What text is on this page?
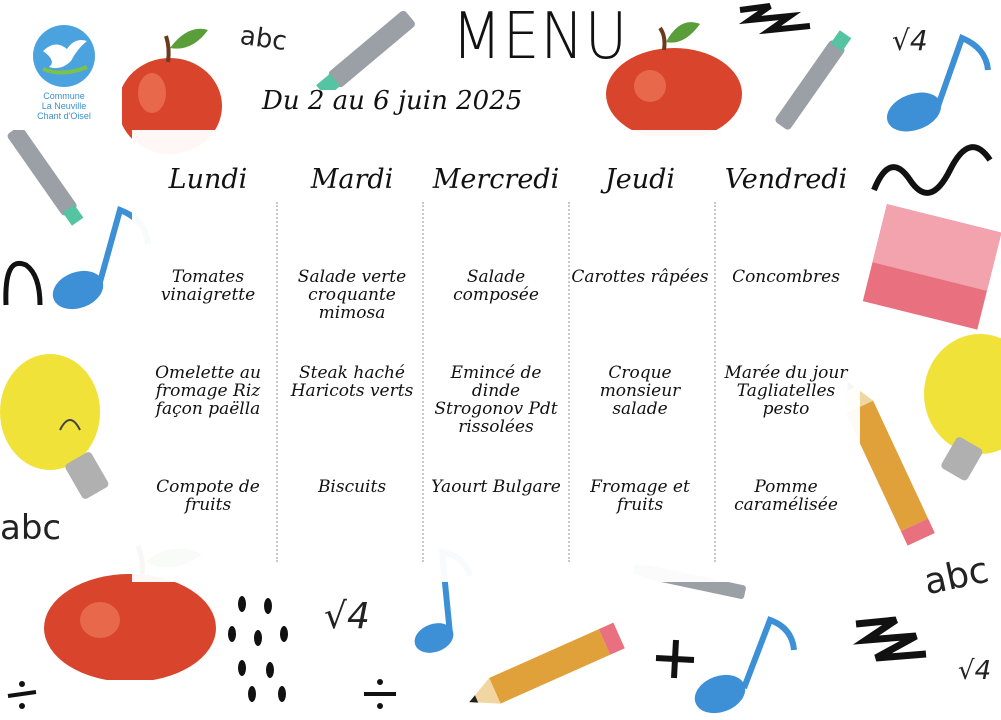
abc
abc
abc
√4
√4
√4
Commune
La Neuville
Chant d'Oisel
MENU
Du 2 au 6 juin 2025
Lundi
Tomates vinaigrette
Omelette au fromage Riz façon paëlla
Compote de fruits
Mardi
Salade verte croquante mimosa
Steak haché Haricots verts
Biscuits
Mercredi
Salade composée
Emincé de dinde Strogonov Pdt rissolées
Yaourt Bulgare
Jeudi
Carottes râpées
Croque monsieur salade
Fromage et fruits
Vendredi
Concombres
Marée du jour Tagliatelles pesto
Pomme caramélisée
